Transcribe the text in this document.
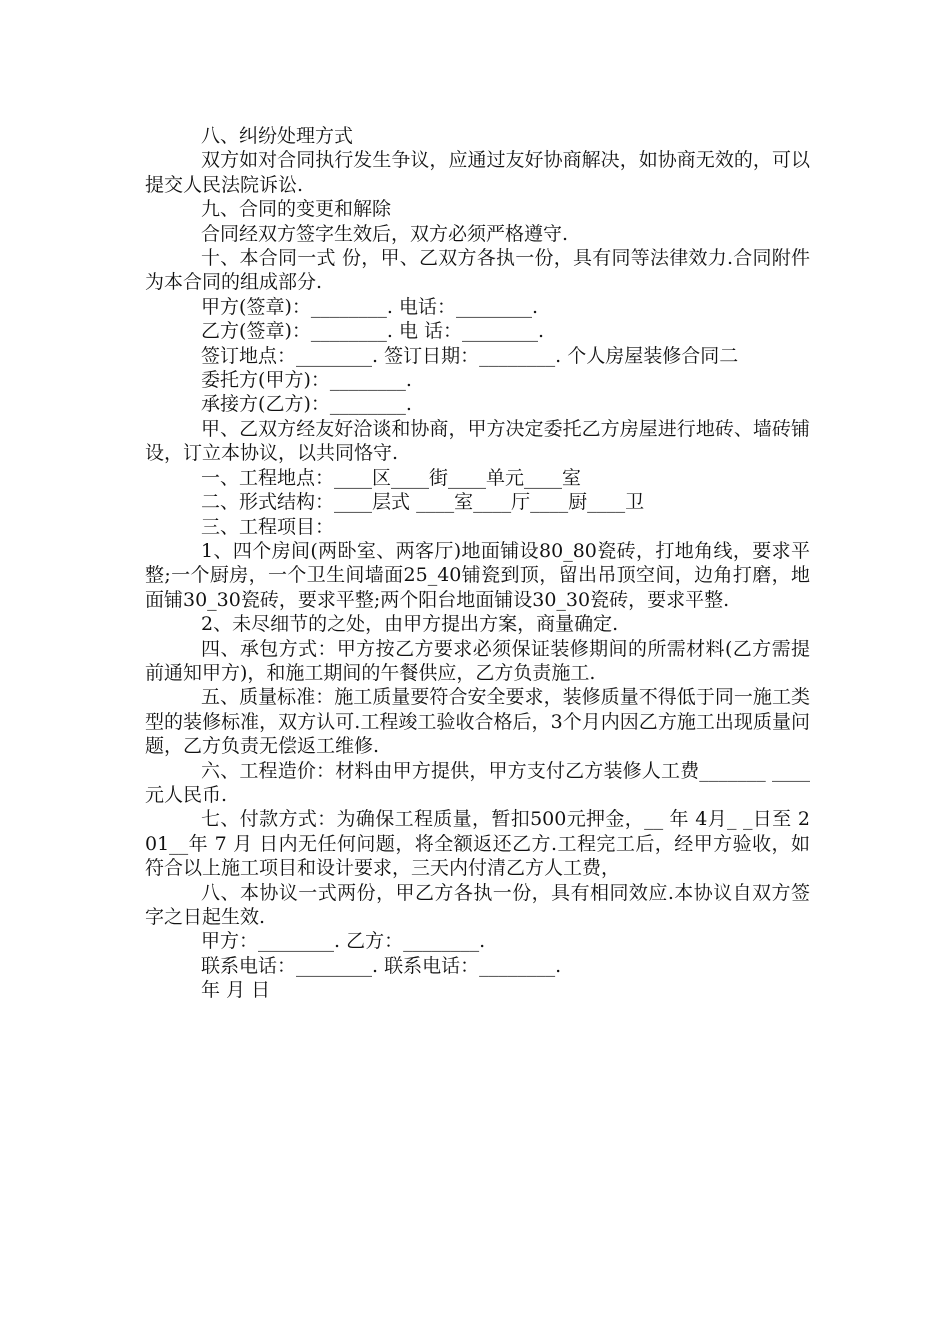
八、纠纷处理方式

双方如对合同执行发生争议，应通过友好协商解决，如协商无效的，可以提交人民法院诉讼.

九、合同的变更和解除

合同经双方签字生效后，双方必须严格遵守.

十、本合同一式 份，甲、乙双方各执一份，具有同等法律效力.合同附件为本合同的组成部分.

甲方(签章)：________. 电话：________.

乙方(签章)：________. 电 话：________.

签订地点：________. 签订日期：________. 个人房屋装修合同二

委托方(甲方)：________.

承接方(乙方)：________.

甲、乙双方经友好洽谈和协商，甲方决定委托乙方房屋进行地砖、墙砖铺设，订立本协议，以共同恪守.

一、工程地点：____区____街____单元____室

二、形式结构：____层式 ____室____厅____厨____卫

三、工程项目：

1、四个房间(两卧室、两客厅)地面铺设80_80瓷砖，打地角线，要求平整;一个厨房，一个卫生间墙面25_40铺瓷到顶，留出吊顶空间，边角打磨，地面铺30_30瓷砖，要求平整;两个阳台地面铺设30_30瓷砖，要求平整.

2、未尽细节的之处，由甲方提出方案，商量确定.

四、承包方式：甲方按乙方要求必须保证装修期间的所需材料(乙方需提前通知甲方)，和施工期间的午餐供应，乙方负责施工.

五、质量标准：施工质量要符合安全要求，装修质量不得低于同一施工类型的装修标准，双方认可.工程竣工验收合格后，3个月内因乙方施工出现质量问题，乙方负责无偿返工维修.

六、工程造价：材料由甲方提供，甲方支付乙方装修人工费_______ ____元人民币.

七、付款方式：为确保工程质量，暂扣500元押金，__ 年 4月_ _日至 201__年 7 月 日内无任何问题，将全额返还乙方.工程完工后，经甲方验收，如符合以上施工项目和设计要求，三天内付清乙方人工费，

八、本协议一式两份，甲乙方各执一份，具有相同效应.本协议自双方签字之日起生效.

甲方：________. 乙方：________.

联系电话：________. 联系电话：________.

年 月 日
